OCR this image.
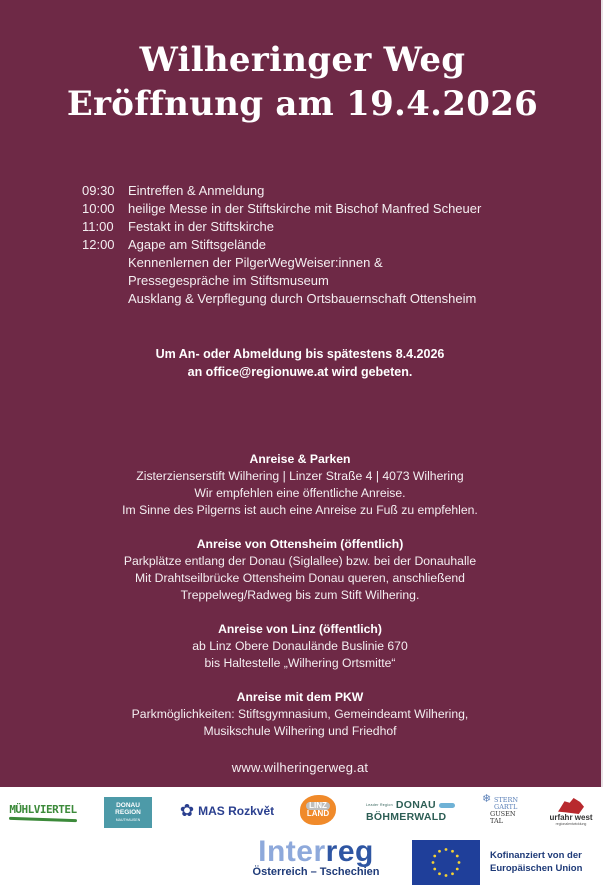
Wilheringer Weg
Eröffnung am 19.4.2026
09:30	Eintreffen & Anmeldung
10:00	heilige Messe in der Stiftskirche mit Bischof Manfred Scheuer
11:00	Festakt in der Stiftskirche
12:00	Agape am Stiftsgelände
Kennenlernen der PilgerWegWeiser:innen &
Pressegespräche im Stiftsmuseum
Ausklang & Verpflegung durch Ortsbauernschaft Ottensheim
Um An- oder Abmeldung bis spätestens 8.4.2026
an office@regionuwe.at wird gebeten.
Anreise & Parken
Zisterzienserstift Wilhering | Linzer Straße 4 | 4073 Wilhering
Wir empfehlen eine öffentliche Anreise.
Im Sinne des Pilgerns ist auch eine Anreise zu Fuß zu empfehlen.
Anreise von Ottensheim (öffentlich)
Parkplätze entlang der Donau (Siglallee) bzw. bei der Donauhalle
Mit Drahtseilbrücke Ottensheim Donau queren, anschließend
Treppelweg/Radweg bis zum Stift Wilhering.
Anreise von Linz (öffentlich)
ab Linz Obere Donaulände Buslinie 670
bis Haltestelle „Wilhering Ortsmitte“
Anreise mit dem PKW
Parkmöglichkeiten: Stiftsgymnasium, Gemeindeamt Wilhering,
Musikschule Wilhering und Friedhof
www.wilheringerweg.at
MÜHLVIERTEL	DONAU
REGION
MAUTHAUSEN ✿ MAS Rozkvět	LINZ
LAND
Leader Region DONAU
BÖHMERWALD
❄ STERN
GARTL
GUSEN
TAL	urfahr west
regionalentwicklung
Interreg
Österreich – Tschechien
Kofinanziert von der
Europäischen Union
